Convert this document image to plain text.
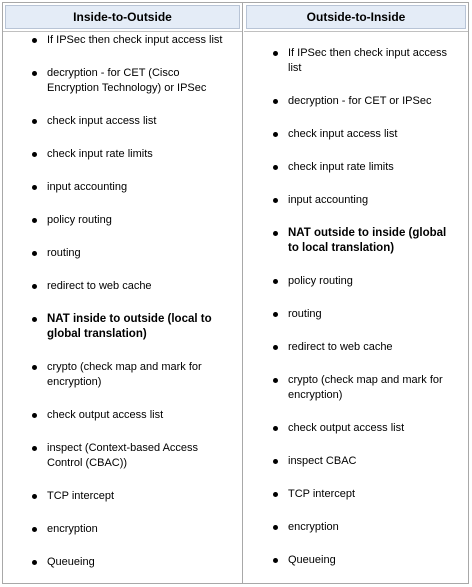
Inside-to-Outside
If IPSec then check input access list
decryption - for CET (Cisco Encryption Technology) or IPSec
check input access list
check input rate limits
input accounting
policy routing
routing
redirect to web cache
NAT inside to outside (local to global translation)
crypto (check map and mark for encryption)
check output access list
inspect (Context-based Access Control (CBAC))
TCP intercept
encryption
Queueing
Outside-to-Inside
If IPSec then check input access list
decryption - for CET or IPSec
check input access list
check input rate limits
input accounting
NAT outside to inside (global to local translation)
policy routing
routing
redirect to web cache
crypto (check map and mark for encryption)
check output access list
inspect CBAC
TCP intercept
encryption
Queueing
